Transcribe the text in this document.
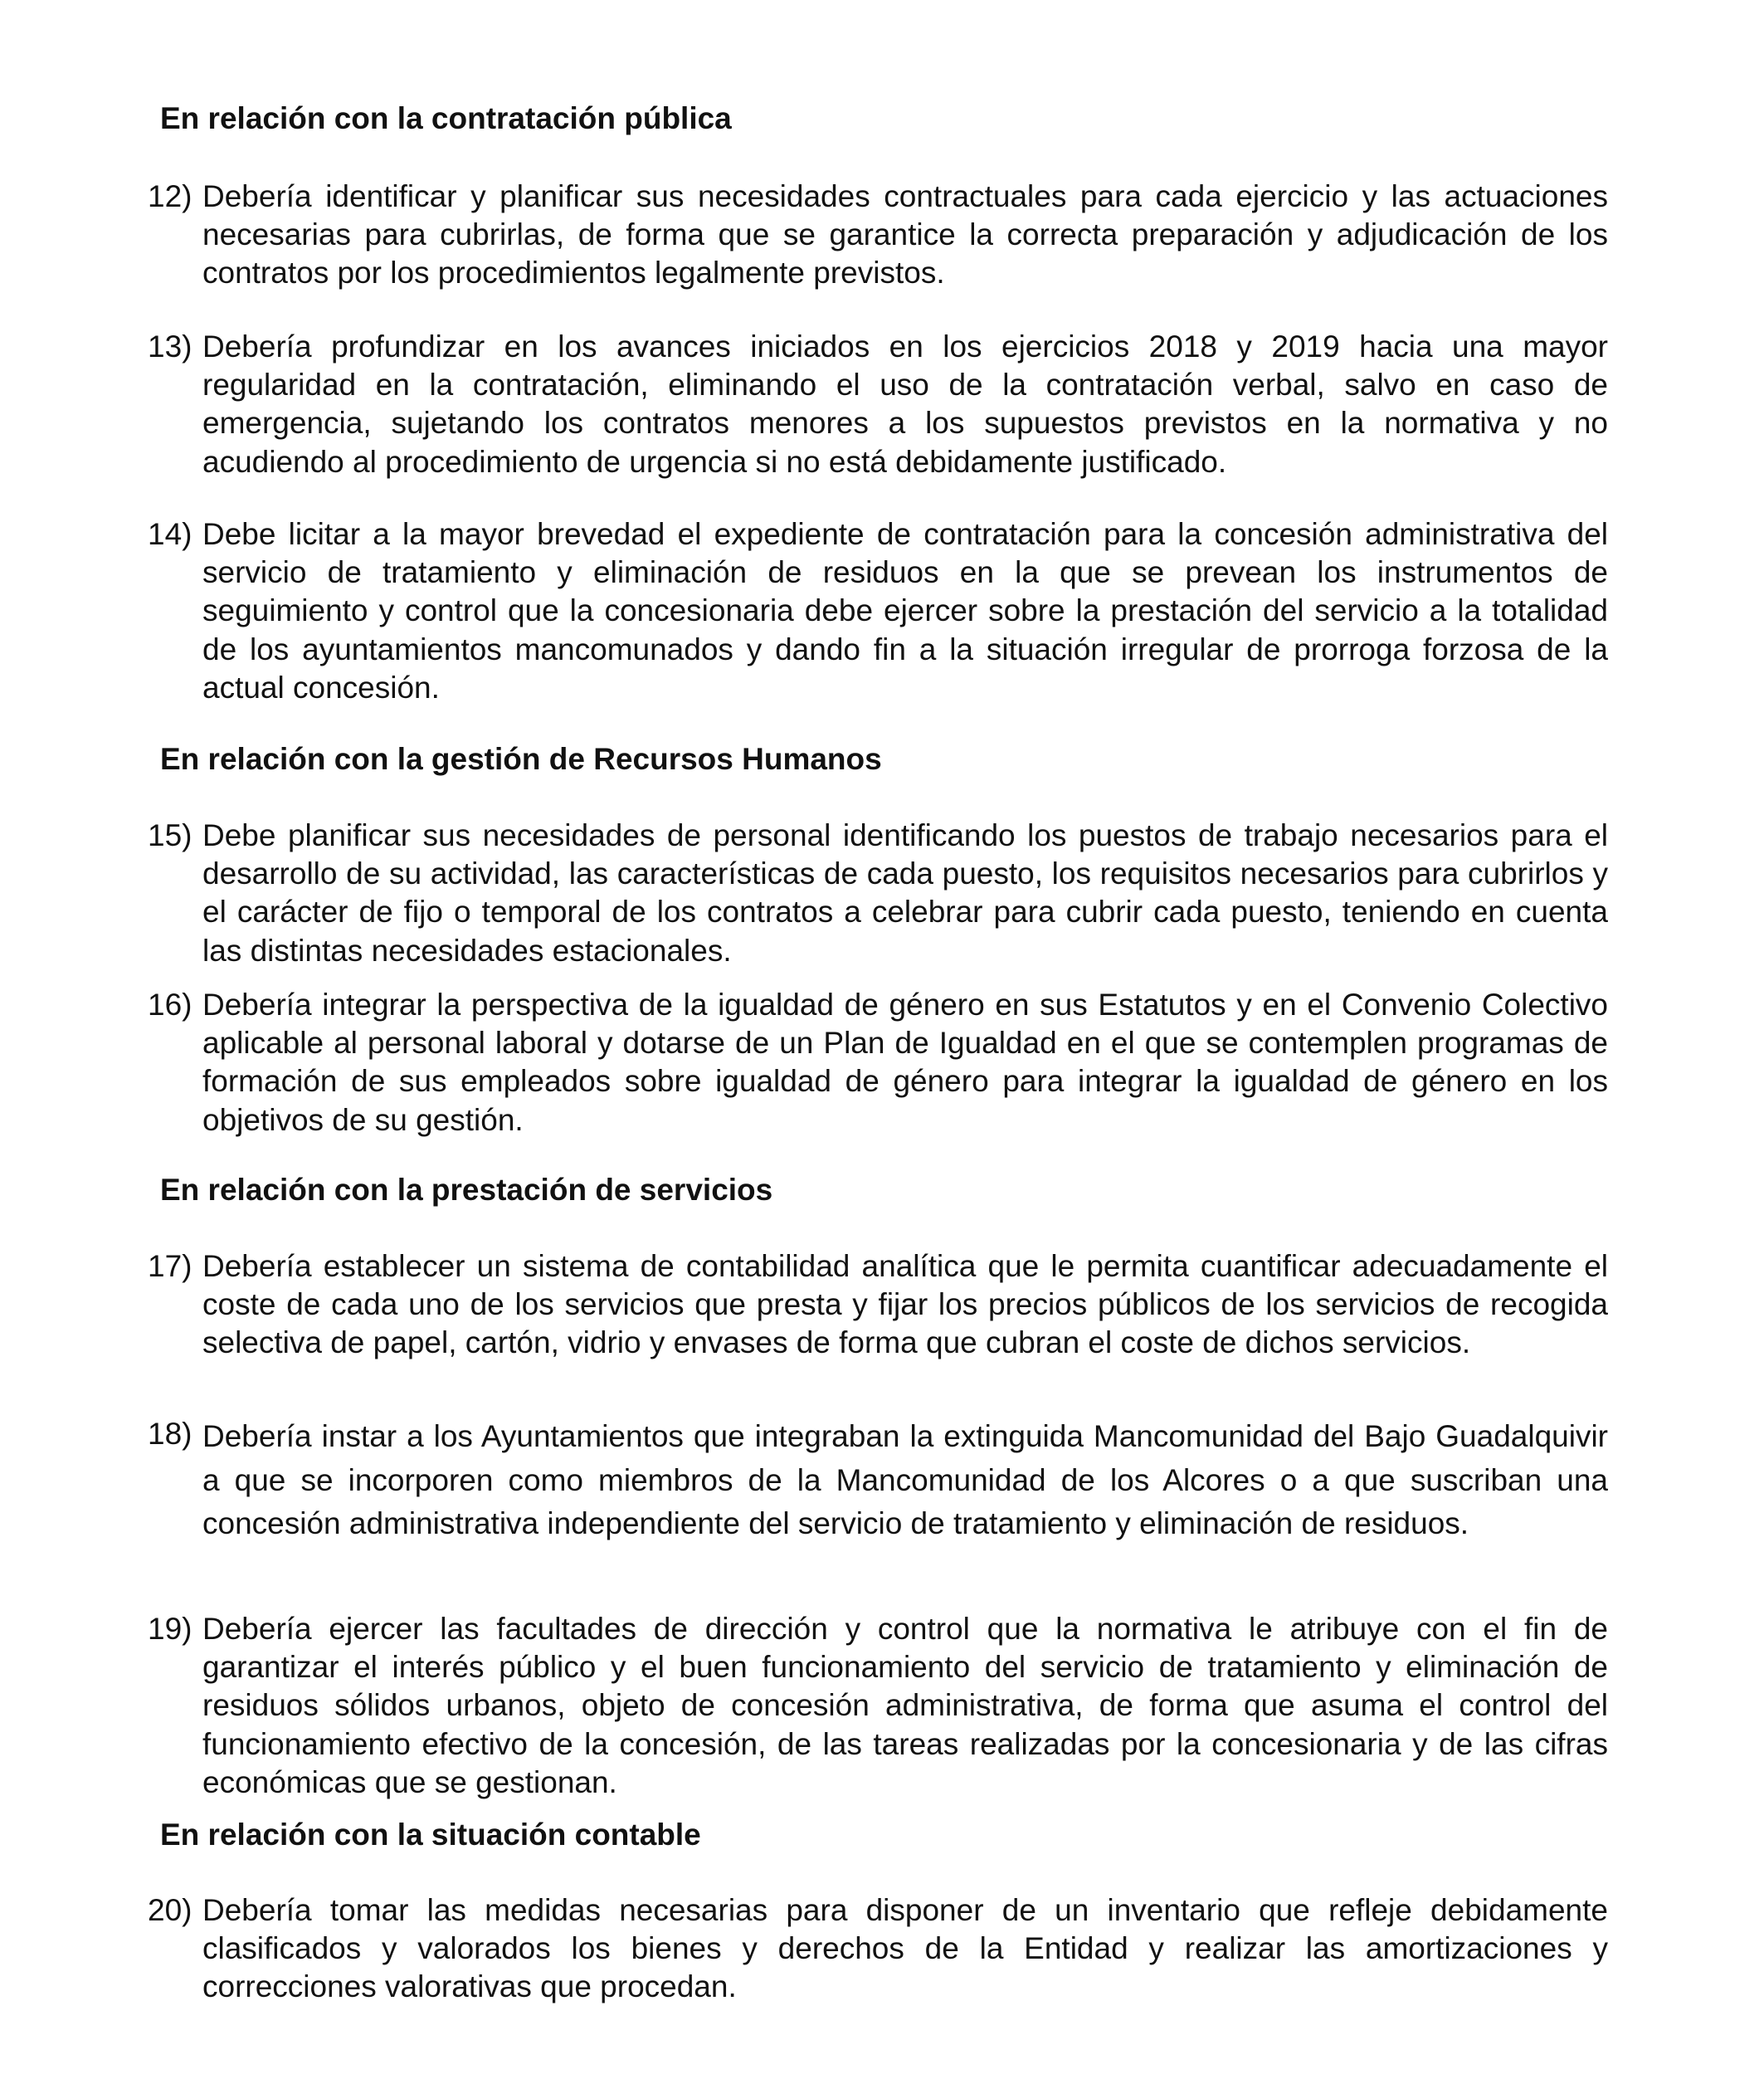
En relación con la contratación pública
12) Debería identificar y planificar sus necesidades contractuales para cada ejercicio y las actuaciones necesarias para cubrirlas, de forma que se garantice la correcta preparación y adjudicación de los contratos por los procedimientos legalmente previstos.
13) Debería profundizar en los avances iniciados en los ejercicios 2018 y 2019 hacia una mayor regularidad en la contratación, eliminando el uso de la contratación verbal, salvo en caso de emergencia, sujetando los contratos menores a los supuestos previstos en la normativa y no acudiendo al procedimiento de urgencia si no está debidamente justificado.
14) Debe licitar a la mayor brevedad el expediente de contratación para la concesión administrativa del servicio de tratamiento y eliminación de residuos en la que se prevean los instrumentos de seguimiento y control que la concesionaria debe ejercer sobre la prestación del servicio a la totalidad de los ayuntamientos mancomunados y dando fin a la situación irregular de prorroga forzosa de la actual concesión.
En relación con la gestión de Recursos Humanos
15) Debe planificar sus necesidades de personal identificando los puestos de trabajo necesarios para el desarrollo de su actividad, las características de cada puesto, los requisitos necesarios para cubrirlos y el carácter de fijo o temporal de los contratos a celebrar para cubrir cada puesto, teniendo en cuenta las distintas necesidades estacionales.
16) Debería integrar la perspectiva de la igualdad de género en sus Estatutos y en el Convenio Colectivo aplicable al personal laboral y dotarse de un Plan de Igualdad en el que se contemplen programas de formación de sus empleados sobre igualdad de género para integrar la igualdad de género en los objetivos de su gestión.
En relación con la prestación de servicios
17) Debería establecer un sistema de contabilidad analítica que le permita cuantificar adecuadamente el coste de cada uno de los servicios que presta y fijar los precios públicos de los servicios de recogida selectiva de papel, cartón, vidrio y envases de forma que cubran el coste de dichos servicios.
18) Debería instar a los Ayuntamientos que integraban la extinguida Mancomunidad del Bajo Guadalquivir a que se incorporen como miembros de la Mancomunidad de los Alcores o a que suscriban una concesión administrativa independiente del servicio de tratamiento y eliminación de residuos.
19) Debería ejercer las facultades de dirección y control que la normativa le atribuye con el fin de garantizar el interés público y el buen funcionamiento del servicio de tratamiento y eliminación de residuos sólidos urbanos, objeto de concesión administrativa, de forma que asuma el control del funcionamiento efectivo de la concesión, de las tareas realizadas por la concesionaria y de las cifras económicas que se gestionan.
En relación con la situación contable
20) Debería tomar las medidas necesarias para disponer de un inventario que refleje debidamente clasificados y valorados los bienes y derechos de la Entidad y realizar las amortizaciones y correcciones valorativas que procedan.
